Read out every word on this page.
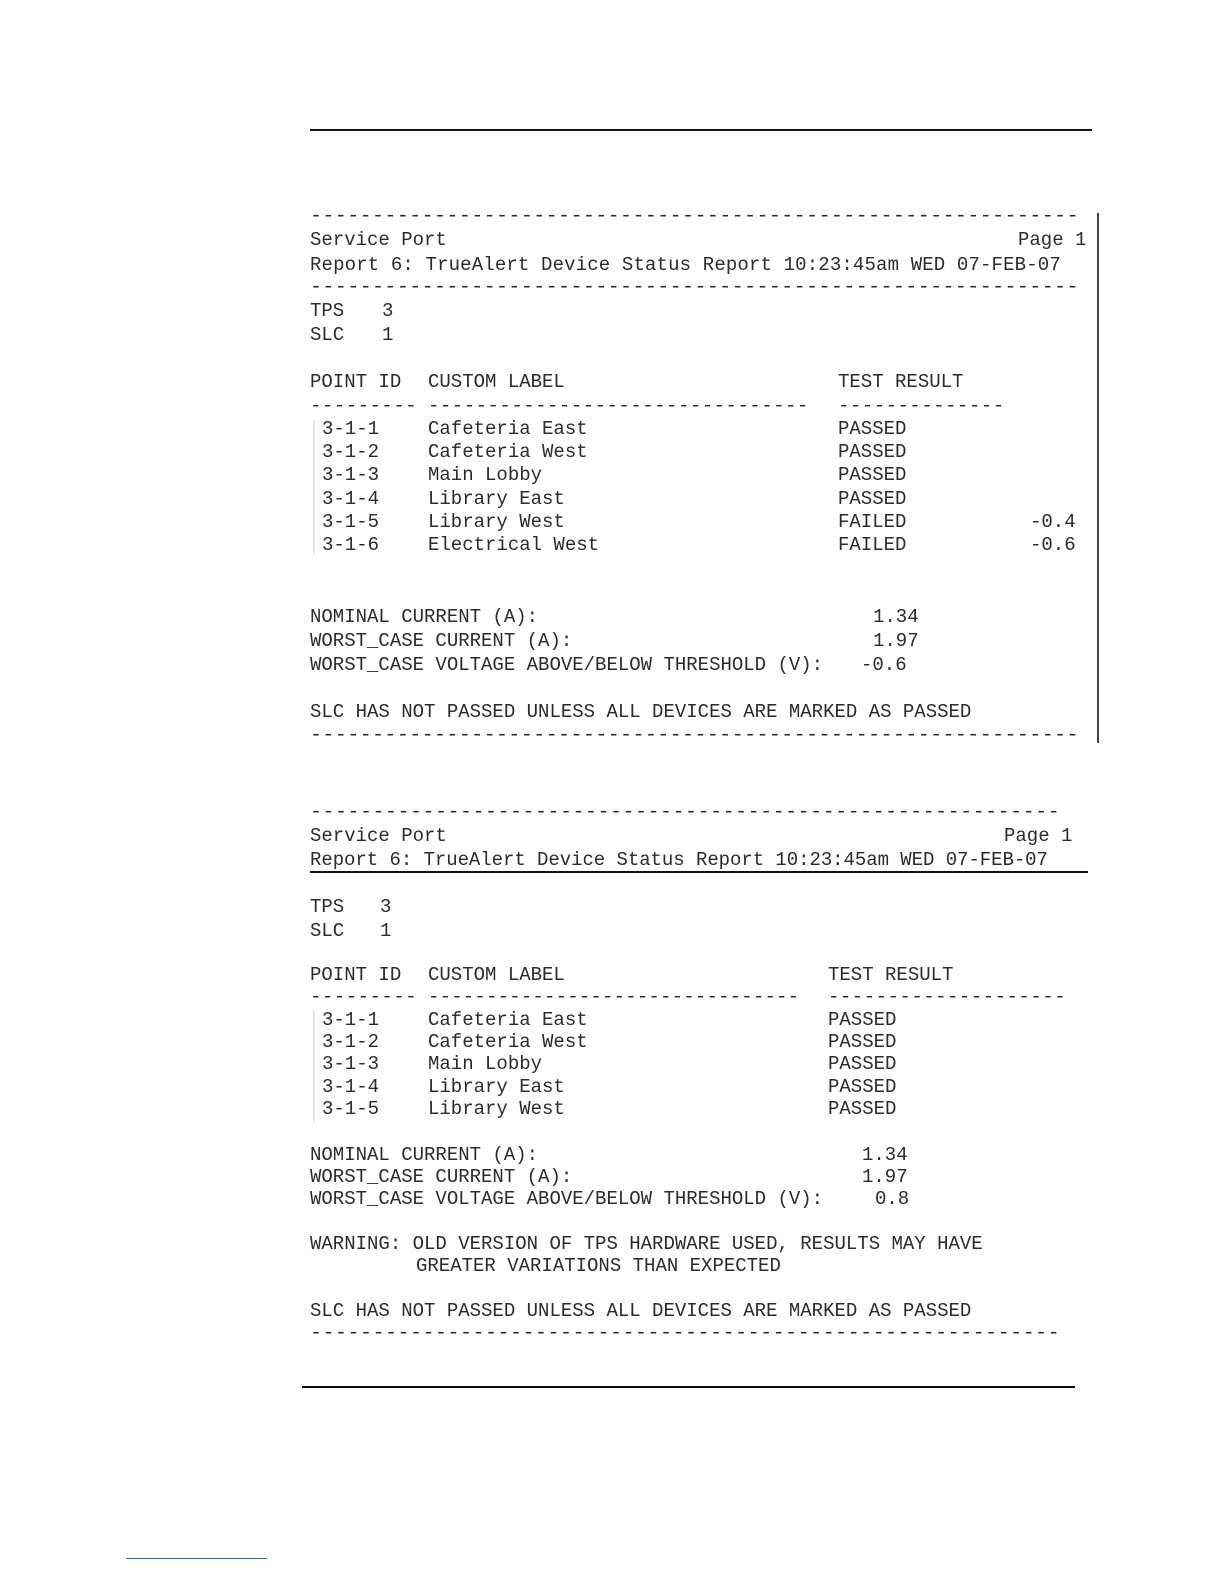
--------------------------------------------------------------
Service Port	Page 1
Report 6: TrueAlert Device Status Report 10:23:45am WED 07-FEB-07
--------------------------------------------------------------
TPS 3
SLC 1
POINT ID CUSTOM LABEL	TEST RESULT
--------- -------------------------------- --------------
3-1-1	Cafeteria East	PASSED
3-1-2	Cafeteria West	PASSED
3-1-3	Main Lobby	PASSED
3-1-4	Library East	PASSED
3-1-5	Library West	FAILED	-0.4
3-1-6	Electrical West	FAILED	-0.6
NOMINAL CURRENT (A):	1.34
WORST_CASE CURRENT (A):	1.97
WORST_CASE VOLTAGE ABOVE/BELOW THRESHOLD (V): -0.6
SLC HAS NOT PASSED UNLESS ALL DEVICES ARE MARKED AS PASSED
--------------------------------------------------------------
------------------------------------------------------------
Service Port	Page 1
Report 6: TrueAlert Device Status Report 10:23:45am WED 07-FEB-07
TPS 3
SLC 1
POINT ID CUSTOM LABEL	TEST RESULT
--------- -------------------------------- --------------------
3-1-1	Cafeteria East	PASSED
3-1-2	Cafeteria West	PASSED
3-1-3	Main Lobby	PASSED
3-1-4	Library East	PASSED
3-1-5	Library West	PASSED
NOMINAL CURRENT (A):	1.34
WORST_CASE CURRENT (A):	1.97
WORST_CASE VOLTAGE ABOVE/BELOW THRESHOLD (V):	0.8
WARNING: OLD VERSION OF TPS HARDWARE USED, RESULTS MAY HAVE
GREATER VARIATIONS THAN EXPECTED
SLC HAS NOT PASSED UNLESS ALL DEVICES ARE MARKED AS PASSED
------------------------------------------------------------
